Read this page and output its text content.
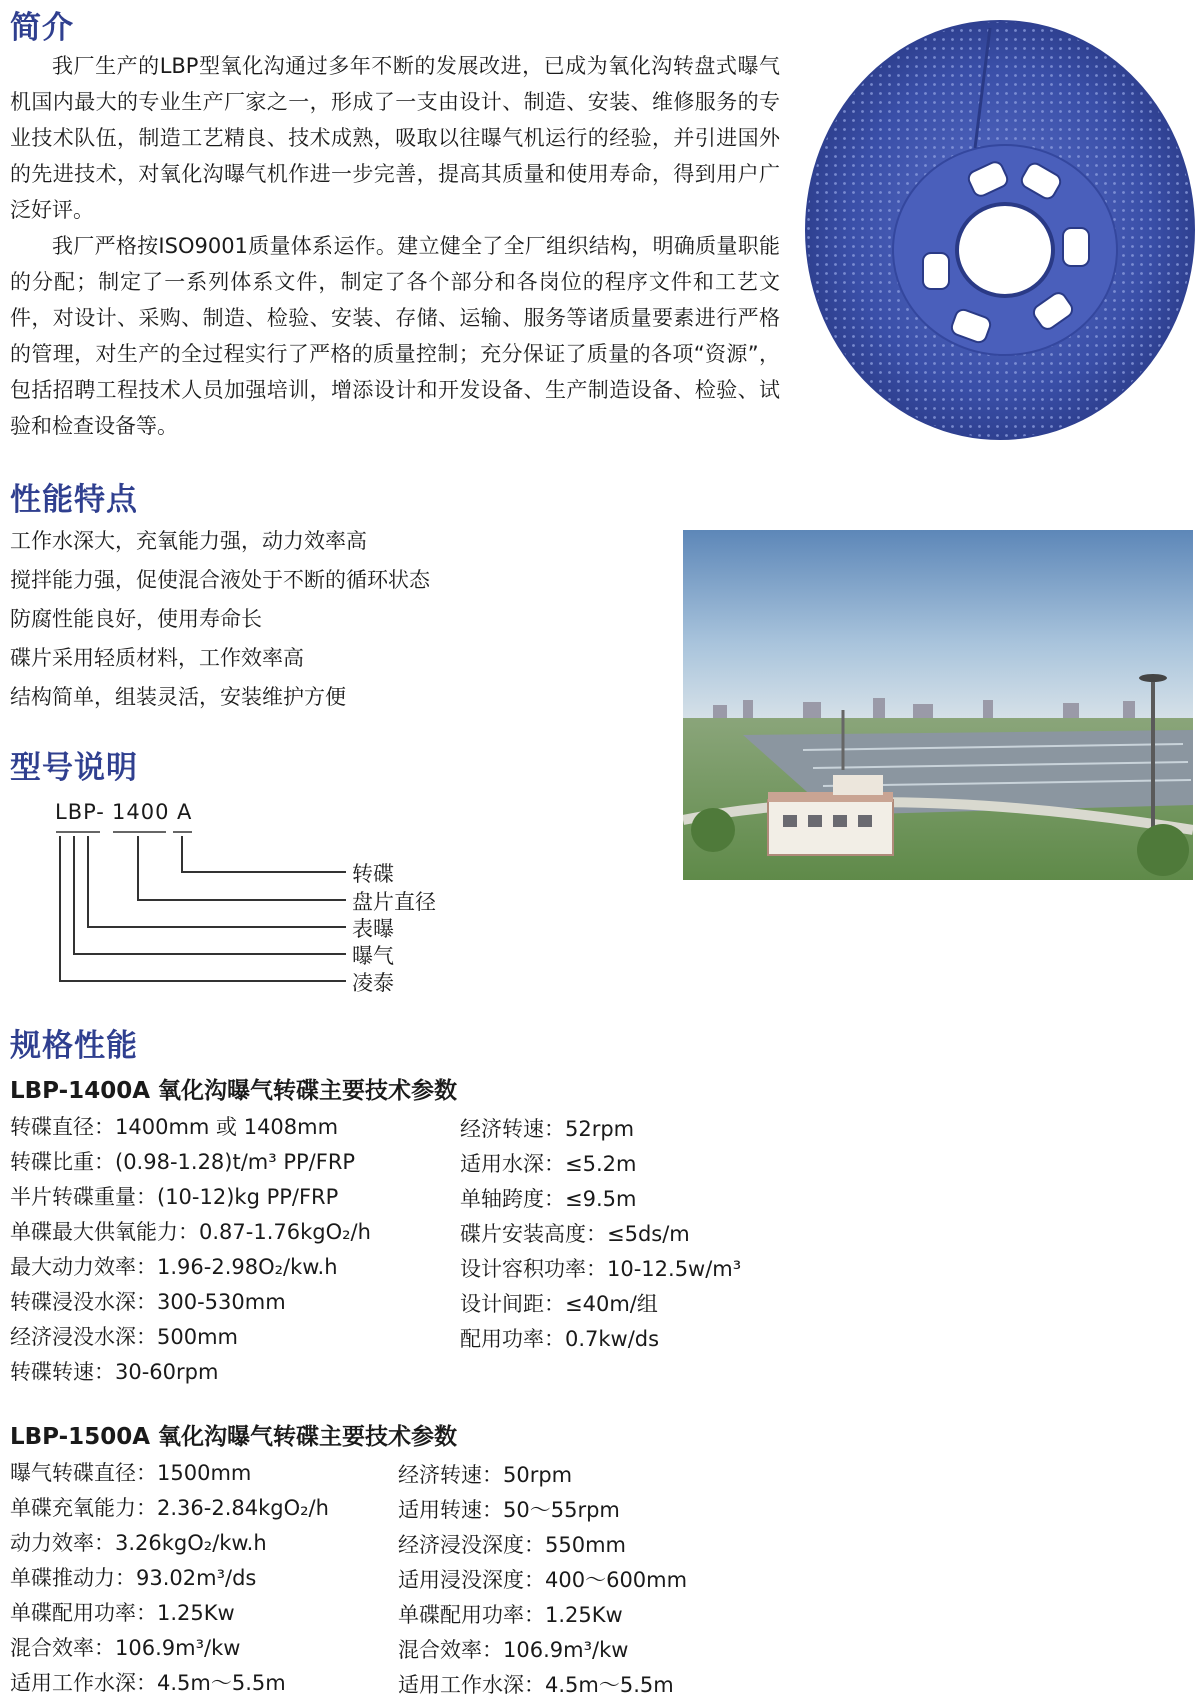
简介

我厂生产的LBP型氧化沟通过多年不断的发展改进，已成为氧化沟转盘式曝气机国内最大的专业生产厂家之一，形成了一支由设计、制造、安装、维修服务的专业技术队伍，制造工艺精良、技术成熟，吸取以往曝气机运行的经验，并引进国外的先进技术，对氧化沟曝气机作进一步完善，提高其质量和使用寿命，得到用户广泛好评。

我厂严格按ISO9001质量体系运作。建立健全了全厂组织结构，明确质量职能的分配；制定了一系列体系文件，制定了各个部分和各岗位的程序文件和工艺文件，对设计、采购、制造、检验、安装、存储、运输、服务等诸质量要素进行严格的管理，对生产的全过程实行了严格的质量控制；充分保证了质量的各项“资源”，包括招聘工程技术人员加强培训，增添设计和开发设备、生产制造设备、检验、试验和检查设备等。

性能特点
工作水深大，充氧能力强，动力效率高
搅拌能力强，促使混合液处于不断的循环状态
防腐性能良好，使用寿命长
碟片采用轻质材料，工作效率高
结构简单，组装灵活，安装维护方便
型号说明
LBP- 1400 A
转碟
盘片直径
表曝
曝气
凌泰
规格性能
LBP-1400A 氧化沟曝气转碟主要技术参数
转碟直径：1400mm 或 1408mm
转碟比重：(0.98-1.28)t/m³ PP/FRP
半片转碟重量：(10-12)kg PP/FRP
单碟最大供氧能力：0.87-1.76kgO₂/h
最大动力效率：1.96-2.98O₂/kw.h
转碟浸没水深：300-530mm
经济浸没水深：500mm
转碟转速：30-60rpm
经济转速：52rpm
适用水深：≤5.2m
单轴跨度：≤9.5m
碟片安装高度：≤5ds/m
设计容积功率：10-12.5w/m³
设计间距：≤40m/组
配用功率：0.7kw/ds
LBP-1500A 氧化沟曝气转碟主要技术参数
曝气转碟直径：1500mm
单碟充氧能力：2.36-2.84kgO₂/h
动力效率：3.26kgO₂/kw.h
单碟推动力：93.02m³/ds
单碟配用功率：1.25Kw
混合效率：106.9m³/kw
适用工作水深：4.5m～5.5m
经济转速：50rpm
适用转速：50～55rpm
经济浸没深度：550mm
适用浸没深度：400～600mm
单碟配用功率：1.25Kw
混合效率：106.9m³/kw
适用工作水深：4.5m～5.5m
